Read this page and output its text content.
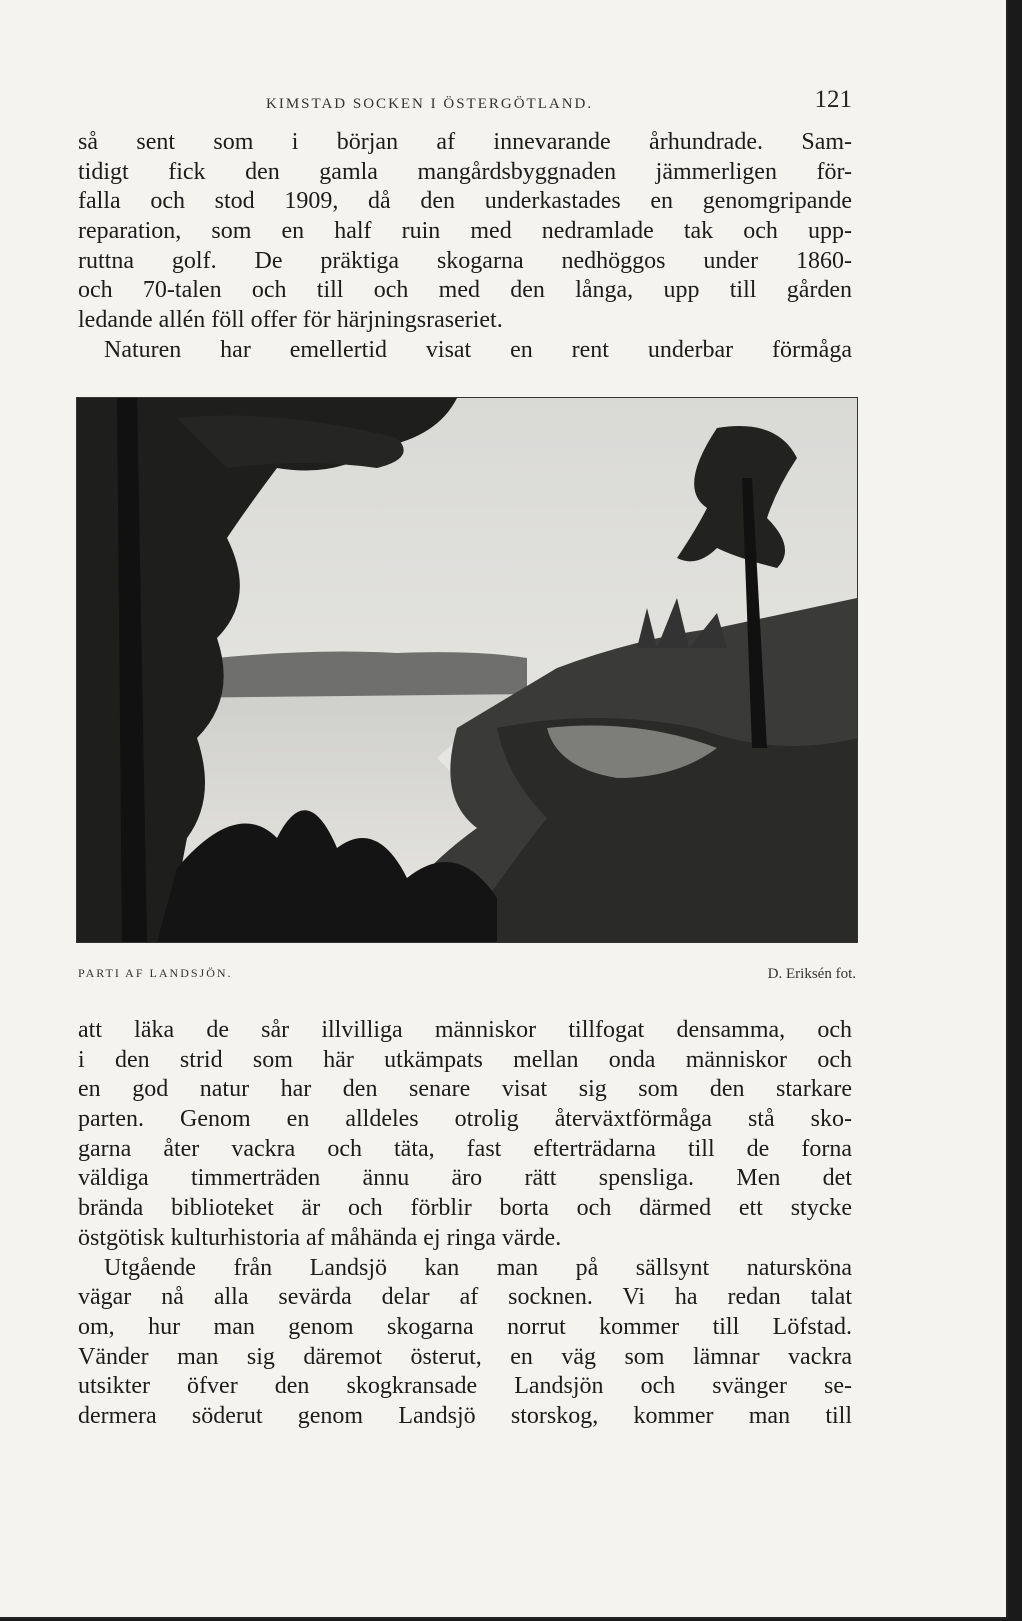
KIMSTAD SOCKEN I ÖSTERGÖTLAND.	121
så sent som i början af innevarande århundrade. Sam-
tidigt fick den gamla mangårdsbyggnaden jämmerligen för-
falla och stod 1909, då den underkastades en genomgripande
reparation, som en half ruin med nedramlade tak och upp-
ruttna golf. De präktiga skogarna nedhöggos under 1860-
och 70-talen och till och med den långa, upp till gården
ledande allén föll offer för härjningsraseriet.
Naturen har emellertid visat en rent underbar förmåga
PARTI AF LANDSJÖN.	D. Eriksén fot.
att läka de sår illvilliga människor tillfogat densamma, och
i den strid som här utkämpats mellan onda människor och
en god natur har den senare visat sig som den starkare
parten. Genom en alldeles otrolig återväxtförmåga stå sko-
garna åter vackra och täta, fast efterträdarna till de forna
väldiga timmerträden ännu äro rätt spensliga. Men det
brända biblioteket är och förblir borta och därmed ett stycke
östgötisk kulturhistoria af måhända ej ringa värde.
Utgående från Landsjö kan man på sällsynt natursköna
vägar nå alla sevärda delar af socknen. Vi ha redan talat
om, hur man genom skogarna norrut kommer till Löfstad.
Vänder man sig däremot österut, en väg som lämnar vackra
utsikter öfver den skogkransade Landsjön och svänger se-
dermera söderut genom Landsjö storskog, kommer man till
